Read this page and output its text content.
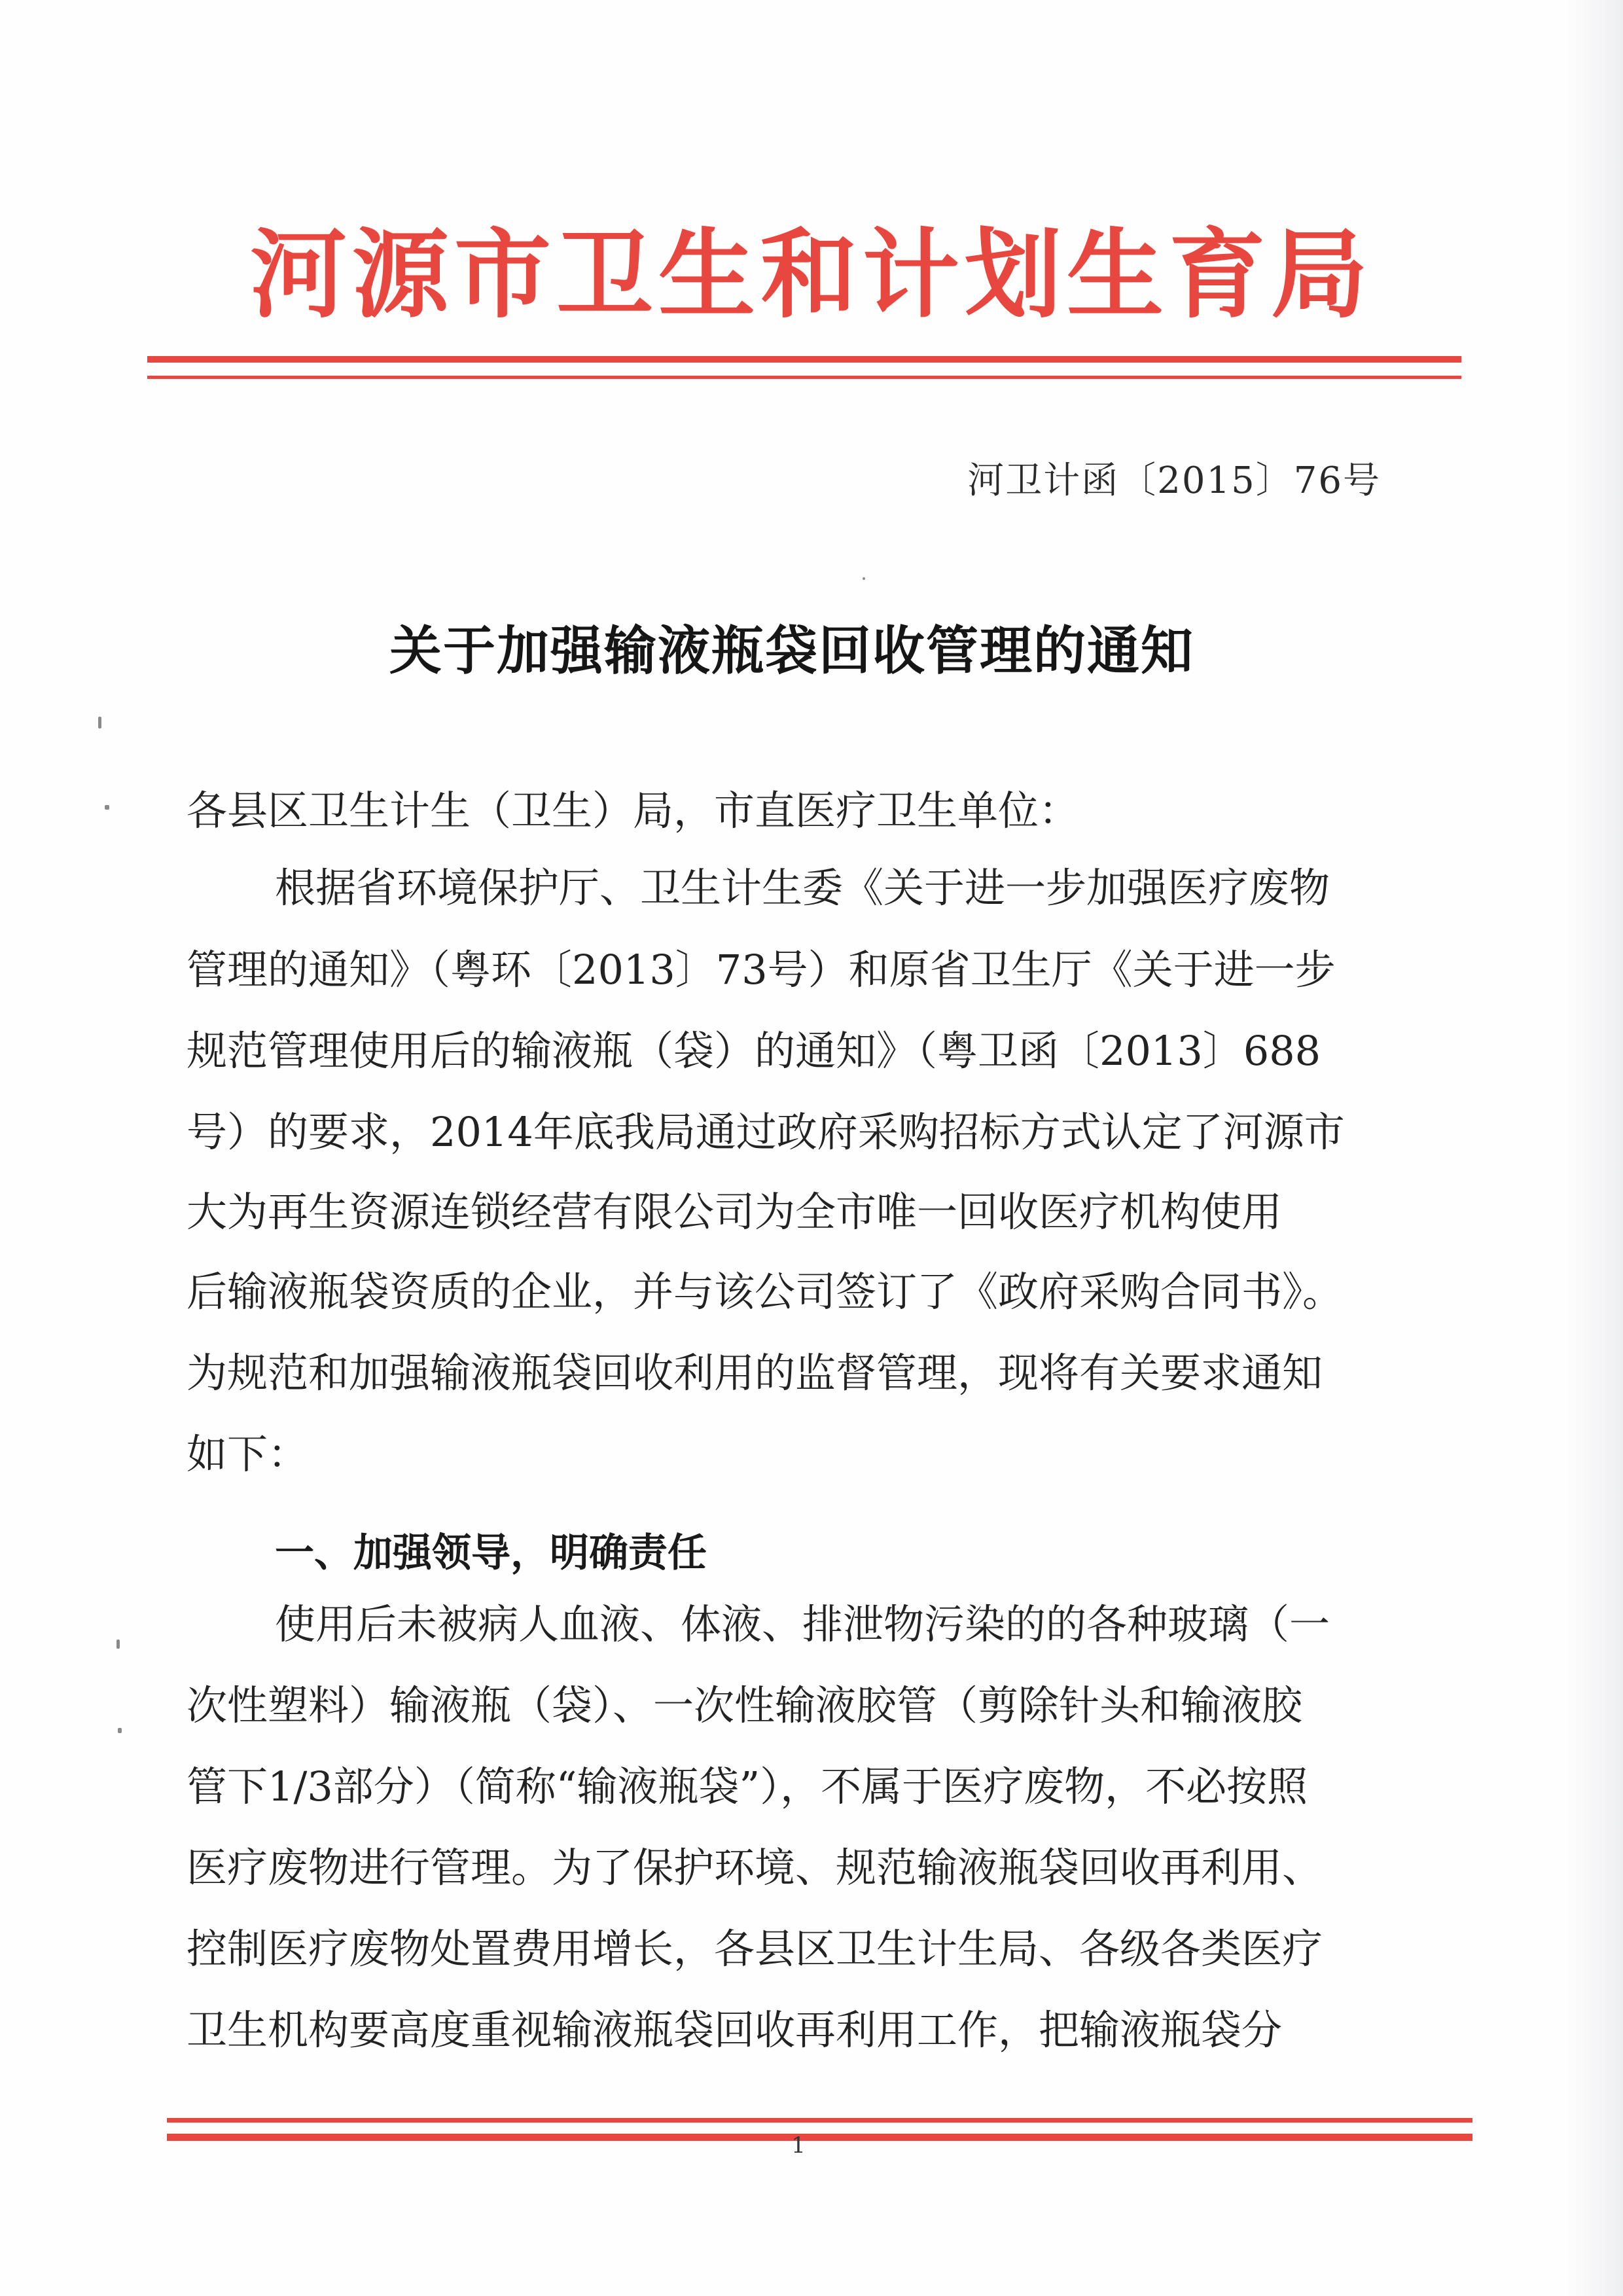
河源市卫生和计划生育局
河卫计函〔2015〕76号
关于加强输液瓶袋回收管理的通知
各县区卫生计生（卫生）局，市直医疗卫生单位：
根据省环境保护厅、卫生计生委《关于进一步加强医疗废物
管理的通知》（粤环〔2013〕73号）和原省卫生厅《关于进一步
规范管理使用后的输液瓶（袋）的通知》（粤卫函〔2013〕688
号）的要求，2014年底我局通过政府采购招标方式认定了河源市
大为再生资源连锁经营有限公司为全市唯一回收医疗机构使用
后输液瓶袋资质的企业，并与该公司签订了《政府采购合同书》。
为规范和加强输液瓶袋回收利用的监督管理，现将有关要求通知
如下：
一、加强领导，明确责任
使用后未被病人血液、体液、排泄物污染的的各种玻璃（一
次性塑料）输液瓶（袋）、一次性输液胶管（剪除针头和输液胶
管下1/3部分）（简称“输液瓶袋”），不属于医疗废物，不必按照
医疗废物进行管理。为了保护环境、规范输液瓶袋回收再利用、
控制医疗废物处置费用增长，各县区卫生计生局、各级各类医疗
卫生机构要高度重视输液瓶袋回收再利用工作，把输液瓶袋分
1
